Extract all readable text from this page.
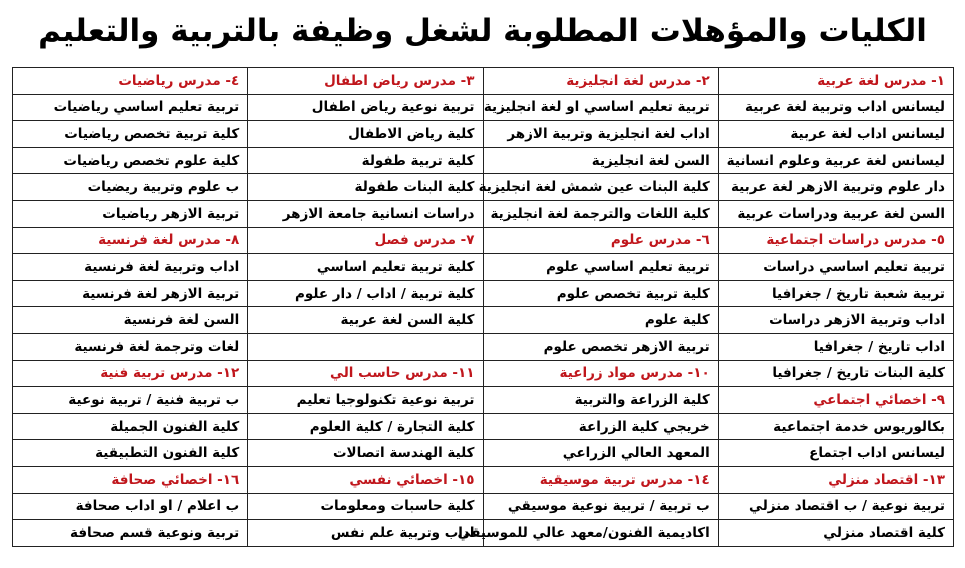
الكليات والمؤهلات المطلوبة لشغل وظيفة بالتربية والتعليم
١- مدرس لغة عربية	٢- مدرس لغة انجليزية	٣- مدرس رياض اطفال	٤- مدرس رياضيات
ليسانس اداب وتربية لغة عربية	تربية تعليم اساسي او لغة انجليزية	تربية نوعية رياض اطفال	تربية تعليم اساسي رياضيات
ليسانس اداب لغة عربية	اداب لغة انجليزية وتربية الازهر	كلية رياض الاطفال	كلية تربية تخصص رياضيات
ليسانس لغة عربية وعلوم انسانية	السن لغة انجليزية	كلية تربية طفولة	كلية علوم تخصص رياضيات
دار علوم وتربية الازهر لغة عربية	كلية البنات عين شمش لغة انجليزية	كلية البنات طفولة	ب علوم وتربية ريضيات
السن لغة عربية ودراسات عربية	كلية اللغات والترجمة لغة انجليزية	دراسات انسانية جامعة الازهر	تربية الازهر رياضيات
٥- مدرس دراسات اجتماعية	٦- مدرس علوم	٧- مدرس فصل	٨- مدرس لغة فرنسية
تربية تعليم اساسي دراسات	تربية تعليم اساسي علوم	كلية تربية تعليم اساسي	اداب وتربية لغة فرنسية
تربية شعبة تاريخ / جغرافيا	كلية تربية تخصص علوم	كلية تربية / اداب / دار علوم	تربية الازهر لغة فرنسية
اداب وتربية الازهر دراسات	كلية علوم	كلية السن لغة عربية	السن لغة فرنسية
اداب تاريخ / جغرافيا	تربية الازهر تخصص علوم		لغات وترجمة لغة فرنسية
كلية البنات تاريخ / جغرافيا	١٠- مدرس مواد زراعية	١١- مدرس حاسب الي	١٢- مدرس تربية فنية
٩- اخصائي اجتماعي	كلية الزراعة والتربية	تربية نوعية تكنولوجيا تعليم	ب تربية فنية / تربية نوعية
بكالوريوس خدمة اجتماعية	خريجي كلية الزراعة	كلية التجارة / كلية العلوم	كلية الفنون الجميلة
ليسانس اداب اجتماع	المعهد العالي الزراعي	كلية الهندسة اتصالات	كلية الفنون التطبيقية
١٣- اقتصاد منزلي	١٤- مدرس تربية موسيقية	١٥- اخصائي نفسي	١٦- اخصائي صحافة
تربية نوعية / ب اقتصاد منزلي	ب تربية / تربية نوعية موسيقي	كلية حاسبات ومعلومات	ب اعلام / او اداب صحافة
كلية اقتصاد منزلي	اكاديمية الفنون/معهد عالي للموسيقي	اداب وتربية علم نفس	تربية ونوعية قسم صحافة
